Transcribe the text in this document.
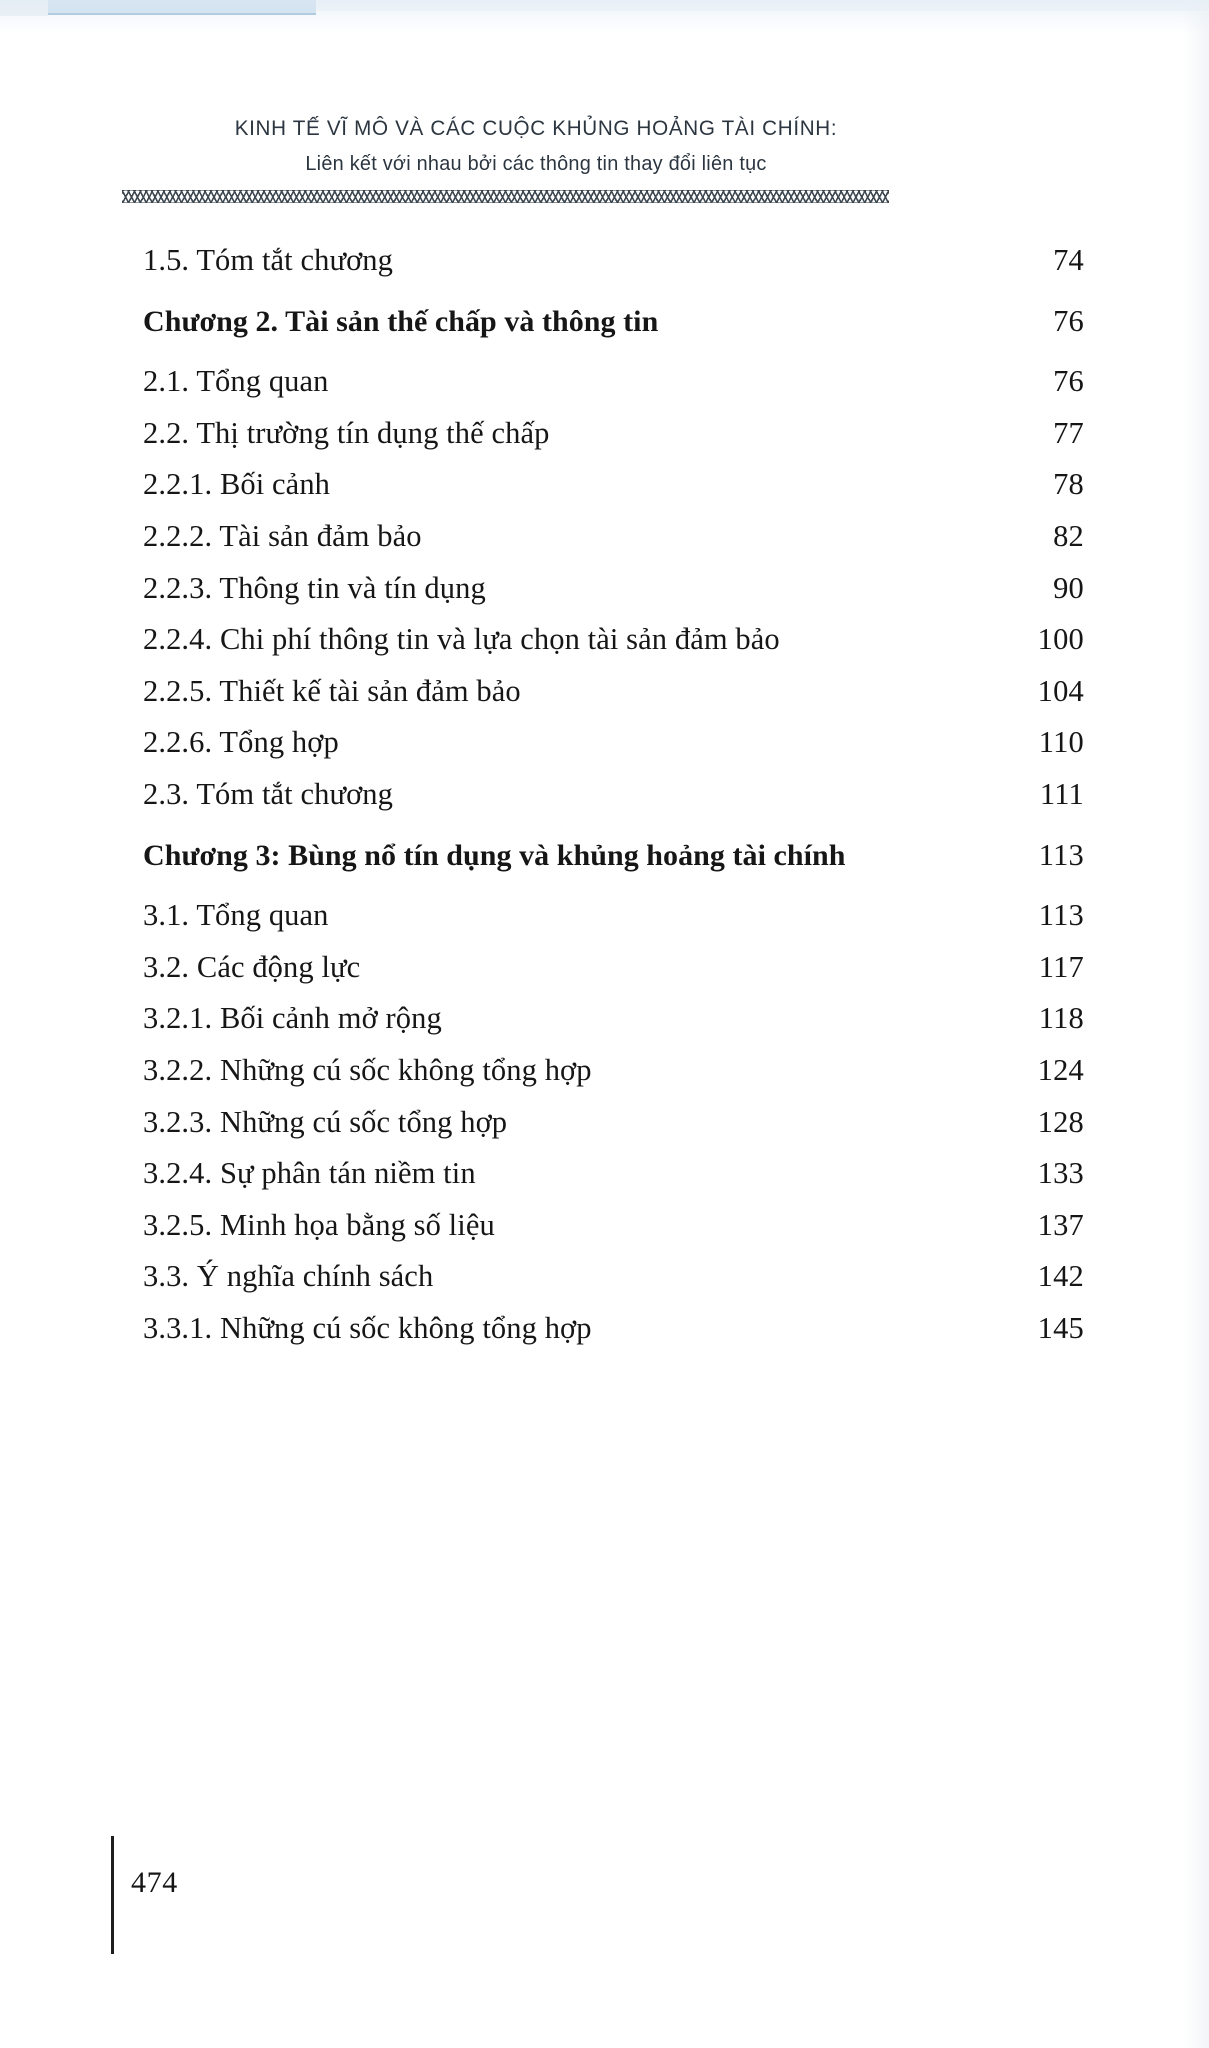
KINH TẾ VĨ MÔ VÀ CÁC CUỘC KHỦNG HOẢNG TÀI CHÍNH:
Liên kết với nhau bởi các thông tin thay đổi liên tục
1.5. Tóm tắt chương	74
Chương 2. Tài sản thế chấp và thông tin	76
2.1. Tổng quan	76
2.2. Thị trường tín dụng thế chấp	77
2.2.1. Bối cảnh	78
2.2.2. Tài sản đảm bảo	82
2.2.3. Thông tin và tín dụng	90
2.2.4. Chi phí thông tin và lựa chọn tài sản đảm bảo	100
2.2.5. Thiết kế tài sản đảm bảo	104
2.2.6. Tổng hợp	110
2.3. Tóm tắt chương	111
Chương 3: Bùng nổ tín dụng và khủng hoảng tài chính	113
3.1. Tổng quan	113
3.2. Các động lực	117
3.2.1. Bối cảnh mở rộng	118
3.2.2. Những cú sốc không tổng hợp	124
3.2.3. Những cú sốc tổng hợp	128
3.2.4. Sự phân tán niềm tin	133
3.2.5. Minh họa bằng số liệu	137
3.3. Ý nghĩa chính sách	142
3.3.1. Những cú sốc không tổng hợp	145
474
